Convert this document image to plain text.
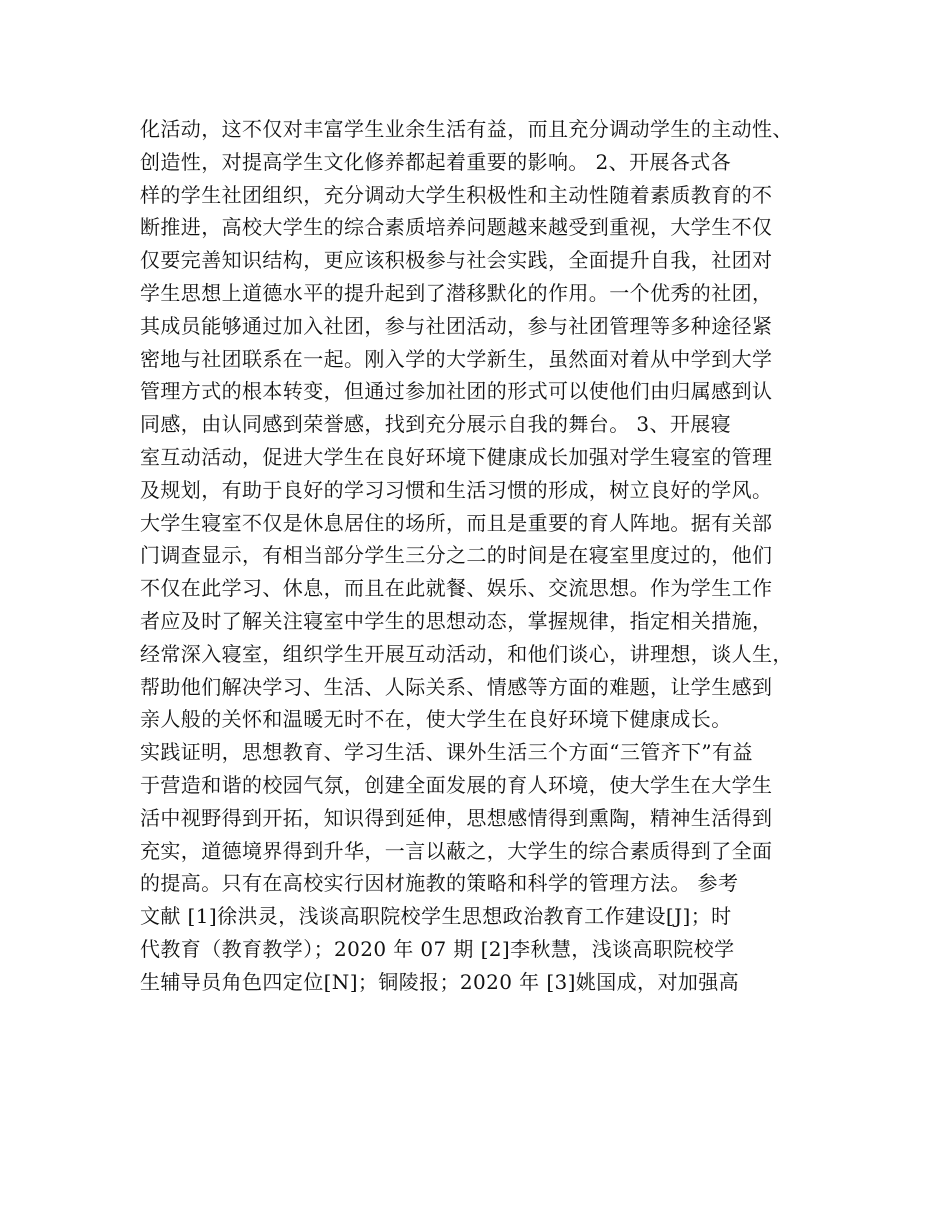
化活动，这不仅对丰富学生业余生活有益，而且充分调动学生的主动性、
创造性，对提高学生文化修养都起着重要的影响。 2、开展各式各
样的学生社团组织，充分调动大学生积极性和主动性随着素质教育的不
断推进，高校大学生的综合素质培养问题越来越受到重视，大学生不仅
仅要完善知识结构，更应该积极参与社会实践，全面提升自我，社团对
学生思想上道德水平的提升起到了潜移默化的作用。一个优秀的社团，
其成员能够通过加入社团，参与社团活动，参与社团管理等多种途径紧
密地与社团联系在一起。刚入学的大学新生，虽然面对着从中学到大学
管理方式的根本转变，但通过参加社团的形式可以使他们由归属感到认
同感，由认同感到荣誉感，找到充分展示自我的舞台。 3、开展寝
室互动活动，促进大学生在良好环境下健康成长加强对学生寝室的管理
及规划，有助于良好的学习习惯和生活习惯的形成，树立良好的学风。
大学生寝室不仅是休息居住的场所，而且是重要的育人阵地。据有关部
门调查显示，有相当部分学生三分之二的时间是在寝室里度过的，他们
不仅在此学习、休息，而且在此就餐、娱乐、交流思想。作为学生工作
者应及时了解关注寝室中学生的思想动态，掌握规律，指定相关措施，
经常深入寝室，组织学生开展互动活动，和他们谈心，讲理想，谈人生，
帮助他们解决学习、生活、人际关系、情感等方面的难题，让学生感到
亲人般的关怀和温暖无时不在，使大学生在良好环境下健康成长。
实践证明，思想教育、学习生活、课外生活三个方面“三管齐下”有益
于营造和谐的校园气氛，创建全面发展的育人环境，使大学生在大学生
活中视野得到开拓，知识得到延伸，思想感情得到熏陶，精神生活得到
充实，道德境界得到升华，一言以蔽之，大学生的综合素质得到了全面
的提高。只有在高校实行因材施教的策略和科学的管理方法。 参考
文献 [1]徐洪灵，浅谈高职院校学生思想政治教育工作建设[J]；时
代教育（教育教学）；2020 年 07 期 [2]李秋慧，浅谈高职院校学
生辅导员角色四定位[N]；铜陵报；2020 年 [3]姚国成，对加强高
